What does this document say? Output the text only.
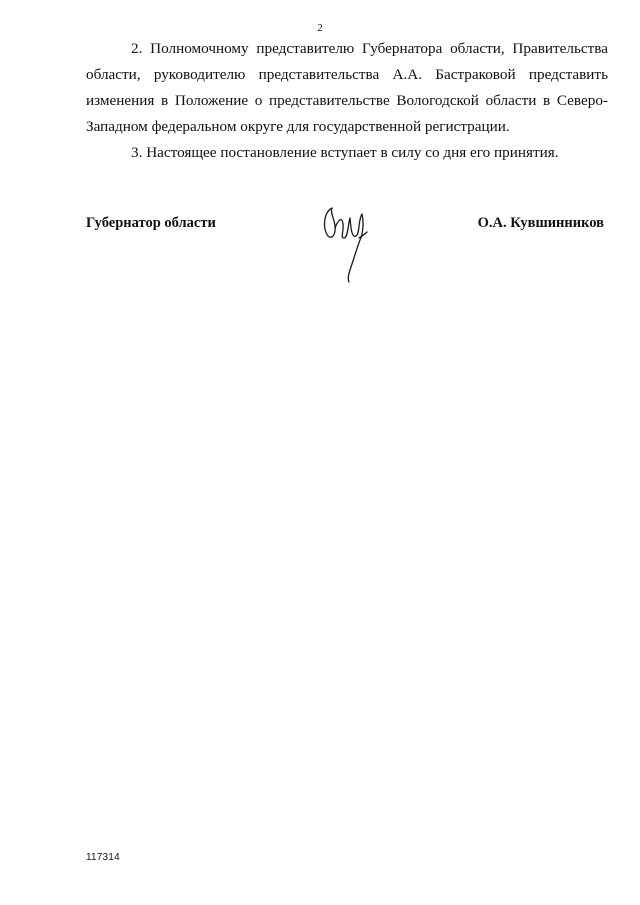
2

2. Полномочному представителю Губернатора области, Правительства области, руководителю представительства А.А. Бастраковой представить изменения в Положение о представительстве Вологодской области в Северо-Западном федеральном округе для государственной регистрации.

3. Настоящее постановление вступает в силу со дня его принятия.

Губернатор области	О.А. Кувшинников
117314
